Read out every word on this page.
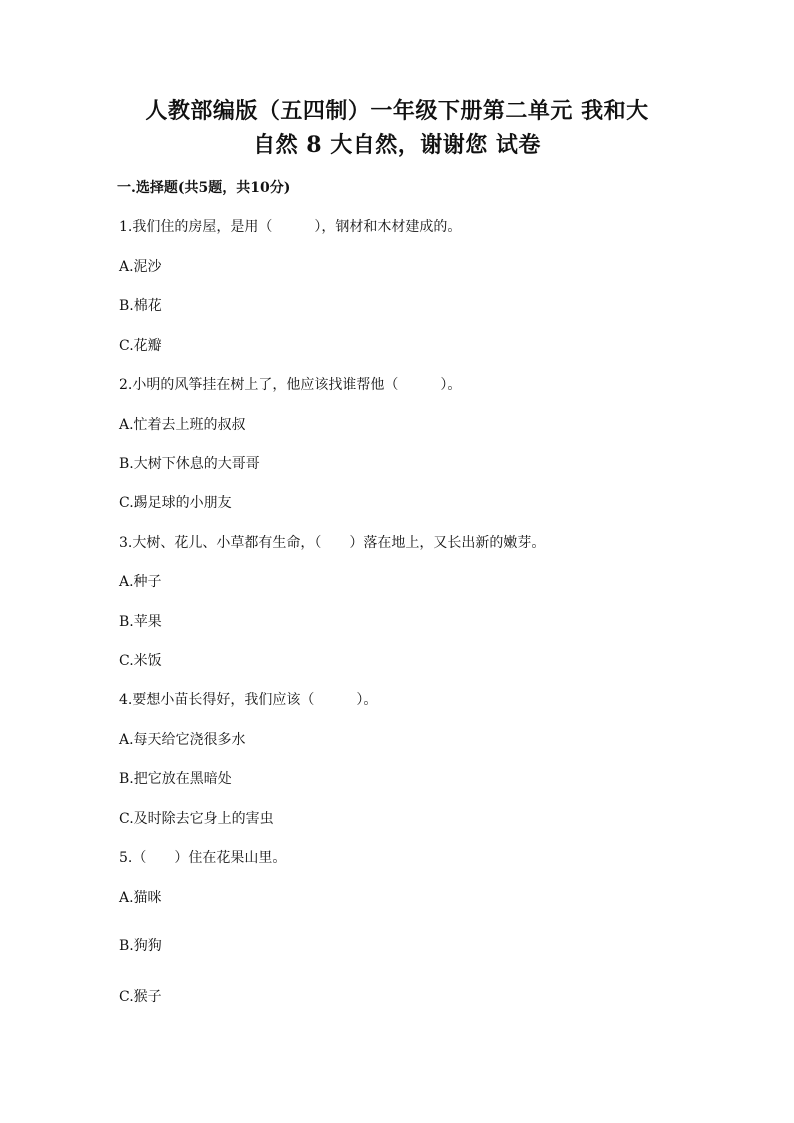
人教部编版（五四制）一年级下册第二单元 我和大
自然 8 大自然，谢谢您 试卷
一.选择题(共5题，共10分)
1.我们住的房屋，是用（　　　），钢材和木材建成的。
A.泥沙
B.棉花
C.花瓣
2.小明的风筝挂在树上了，他应该找谁帮他（　　　）。
A.忙着去上班的叔叔
B.大树下休息的大哥哥
C.踢足球的小朋友
3.大树、花儿、小草都有生命，（　　）落在地上，又长出新的嫩芽。
A.种子
B.苹果
C.米饭
4.要想小苗长得好，我们应该（　　　）。
A.每天给它浇很多水
B.把它放在黑暗处
C.及时除去它身上的害虫
5.（　　）住在花果山里。
A.猫咪
B.狗狗
C.猴子
